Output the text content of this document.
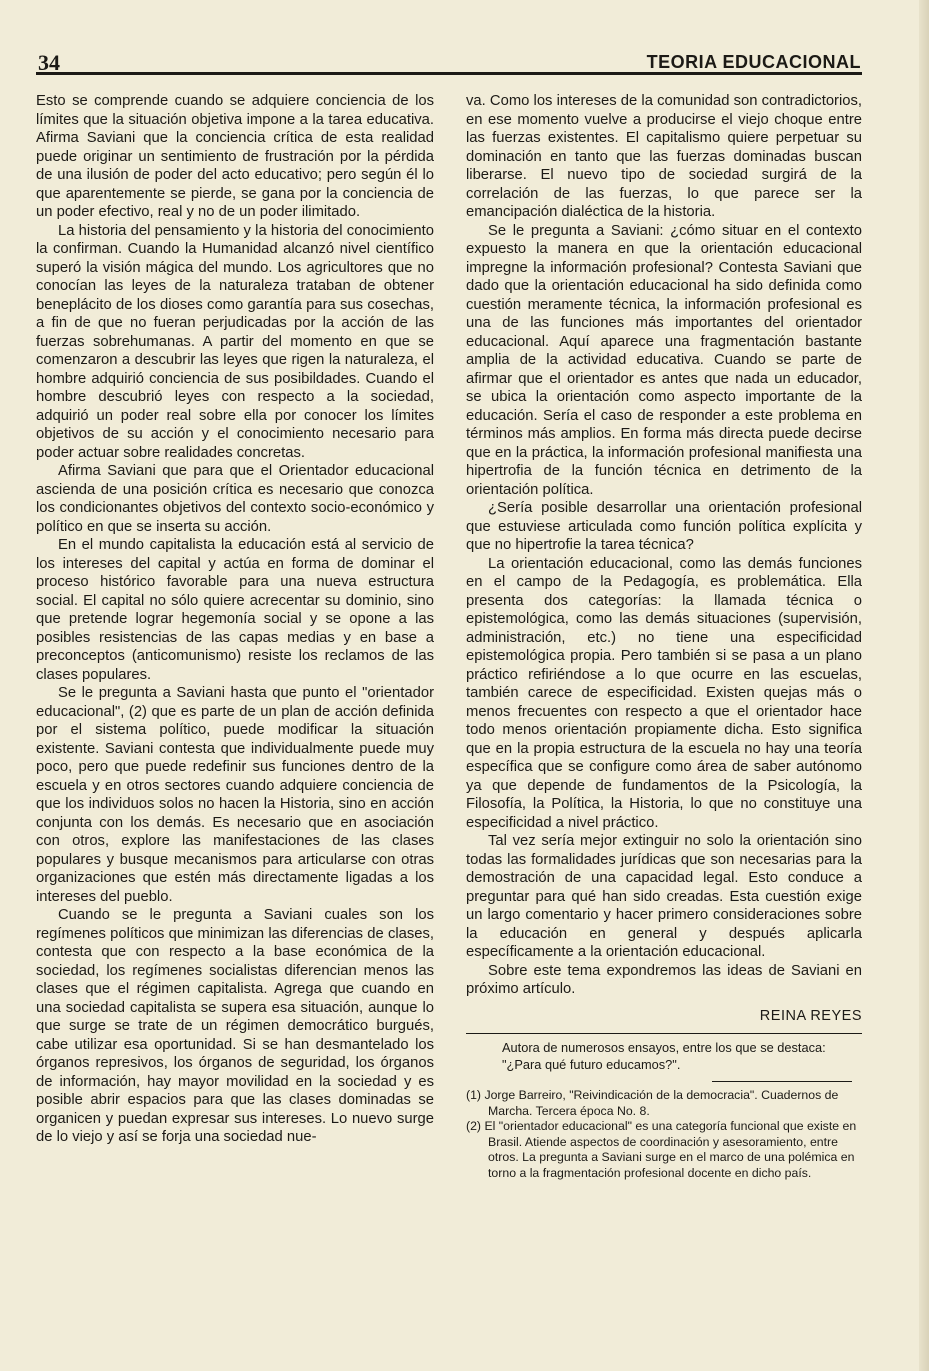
34	TEORIA EDUCACIONAL

Esto se comprende cuando se adquiere conciencia de los límites que la situación objetiva impone a la tarea educativa. Afirma Saviani que la conciencia crítica de esta realidad puede originar un sentimiento de frustración por la pérdida de una ilusión de poder del acto educativo; pero según él lo que aparentemente se pierde, se gana por la conciencia de un poder efectivo, real y no de un poder ilimitado.

La historia del pensamiento y la historia del conocimiento la confirman. Cuando la Humanidad alcanzó nivel científico superó la visión mágica del mundo. Los agricultores que no conocían las leyes de la naturaleza trataban de obtener beneplácito de los dioses como garantía para sus cosechas, a fin de que no fueran perjudicadas por la acción de las fuerzas sobrehumanas. A partir del momento en que se comenzaron a descubrir las leyes que rigen la naturaleza, el hombre adquirió conciencia de sus posibildades. Cuando el hombre descubrió leyes con respecto a la sociedad, adquirió un poder real sobre ella por conocer los límites objetivos de su acción y el conocimiento necesario para poder actuar sobre realidades concretas.

Afirma Saviani que para que el Orientador educacional ascienda de una posición crítica es necesario que conozca los condicionantes objetivos del contexto socio-económico y político en que se inserta su acción.

En el mundo capitalista la educación está al servicio de los intereses del capital y actúa en forma de dominar el proceso histórico favorable para una nueva estructura social. El capital no sólo quiere acrecentar su dominio, sino que pretende lograr hegemonía social y se opone a las posibles resistencias de las capas medias y en base a preconceptos (anticomunismo) resiste los reclamos de las clases populares.

Se le pregunta a Saviani hasta que punto el "orientador educacional", (2) que es parte de un plan de acción definida por el sistema político, puede modificar la situación existente. Saviani contesta que individualmente puede muy poco, pero que puede redefinir sus funciones dentro de la escuela y en otros sectores cuando adquiere conciencia de que los individuos solos no hacen la Historia, sino en acción conjunta con los demás. Es necesario que en asociación con otros, explore las manifestaciones de las clases populares y busque mecanismos para articularse con otras organizaciones que estén más directamente ligadas a los intereses del pueblo.

Cuando se le pregunta a Saviani cuales son los regímenes políticos que minimizan las diferencias de clases, contesta que con respecto a la base económica de la sociedad, los regímenes socialistas diferencian menos las clases que el régimen capitalista. Agrega que cuando en una sociedad capitalista se supera esa situación, aunque lo que surge se trate de un régimen democrático burgués, cabe utilizar esa oportunidad. Si se han desmantelado los órganos represivos, los órganos de seguridad, los órganos de información, hay mayor movilidad en la sociedad y es posible abrir espacios para que las clases dominadas se organicen y puedan expresar sus intereses. Lo nuevo surge de lo viejo y así se forja una sociedad nue-

va. Como los intereses de la comunidad son contradictorios, en ese momento vuelve a producirse el viejo choque entre las fuerzas existentes. El capitalismo quiere perpetuar su dominación en tanto que las fuerzas dominadas buscan liberarse. El nuevo tipo de sociedad surgirá de la correlación de las fuerzas, lo que parece ser la emancipación dialéctica de la historia.

Se le pregunta a Saviani: ¿cómo situar en el contexto expuesto la manera en que la orientación educacional impregne la información profesional? Contesta Saviani que dado que la orientación educacional ha sido definida como cuestión meramente técnica, la información profesional es una de las funciones más importantes del orientador educacional. Aquí aparece una fragmentación bastante amplia de la actividad educativa. Cuando se parte de afirmar que el orientador es antes que nada un educador, se ubica la orientación como aspecto importante de la educación. Sería el caso de responder a este problema en términos más amplios. En forma más directa puede decirse que en la práctica, la información profesional manifiesta una hipertrofia de la función técnica en detrimento de la orientación política.

¿Sería posible desarrollar una orientación profesional que estuviese articulada como función política explícita y que no hipertrofie la tarea técnica?

La orientación educacional, como las demás funciones en el campo de la Pedagogía, es problemática. Ella presenta dos categorías: la llamada técnica o epistemológica, como las demás situaciones (supervisión, administración, etc.) no tiene una especificidad epistemológica propia. Pero también si se pasa a un plano práctico refiriéndose a lo que ocurre en las escuelas, también carece de especificidad. Existen quejas más o menos frecuentes con respecto a que el orientador hace todo menos orientación propiamente dicha. Esto significa que en la propia estructura de la escuela no hay una teoría específica que se configure como área de saber autónomo ya que depende de fundamentos de la Psicología, la Filosofía, la Política, la Historia, lo que no constituye una especificidad a nivel práctico.

Tal vez sería mejor extinguir no solo la orientación sino todas las formalidades jurídicas que son necesarias para la demostración de una capacidad legal. Esto conduce a preguntar para qué han sido creadas. Esta cuestión exige un largo comentario y hacer primero consideraciones sobre la educación en general y después aplicarla específicamente a la orientación educacional.

Sobre este tema expondremos las ideas de Saviani en próximo artículo.

REINA REYES
Autora de numerosos ensayos, entre los que se destaca: "¿Para qué futuro educamos?".
(1) Jorge Barreiro, "Reivindicación de la democracia". Cuadernos de Marcha. Tercera época No. 8.
(2) El "orientador educacional" es una categoría funcional que existe en Brasil. Atiende aspectos de coordinación y asesoramiento, entre otros. La pregunta a Saviani surge en el marco de una polémica en torno a la fragmentación profesional docente en dicho país.
